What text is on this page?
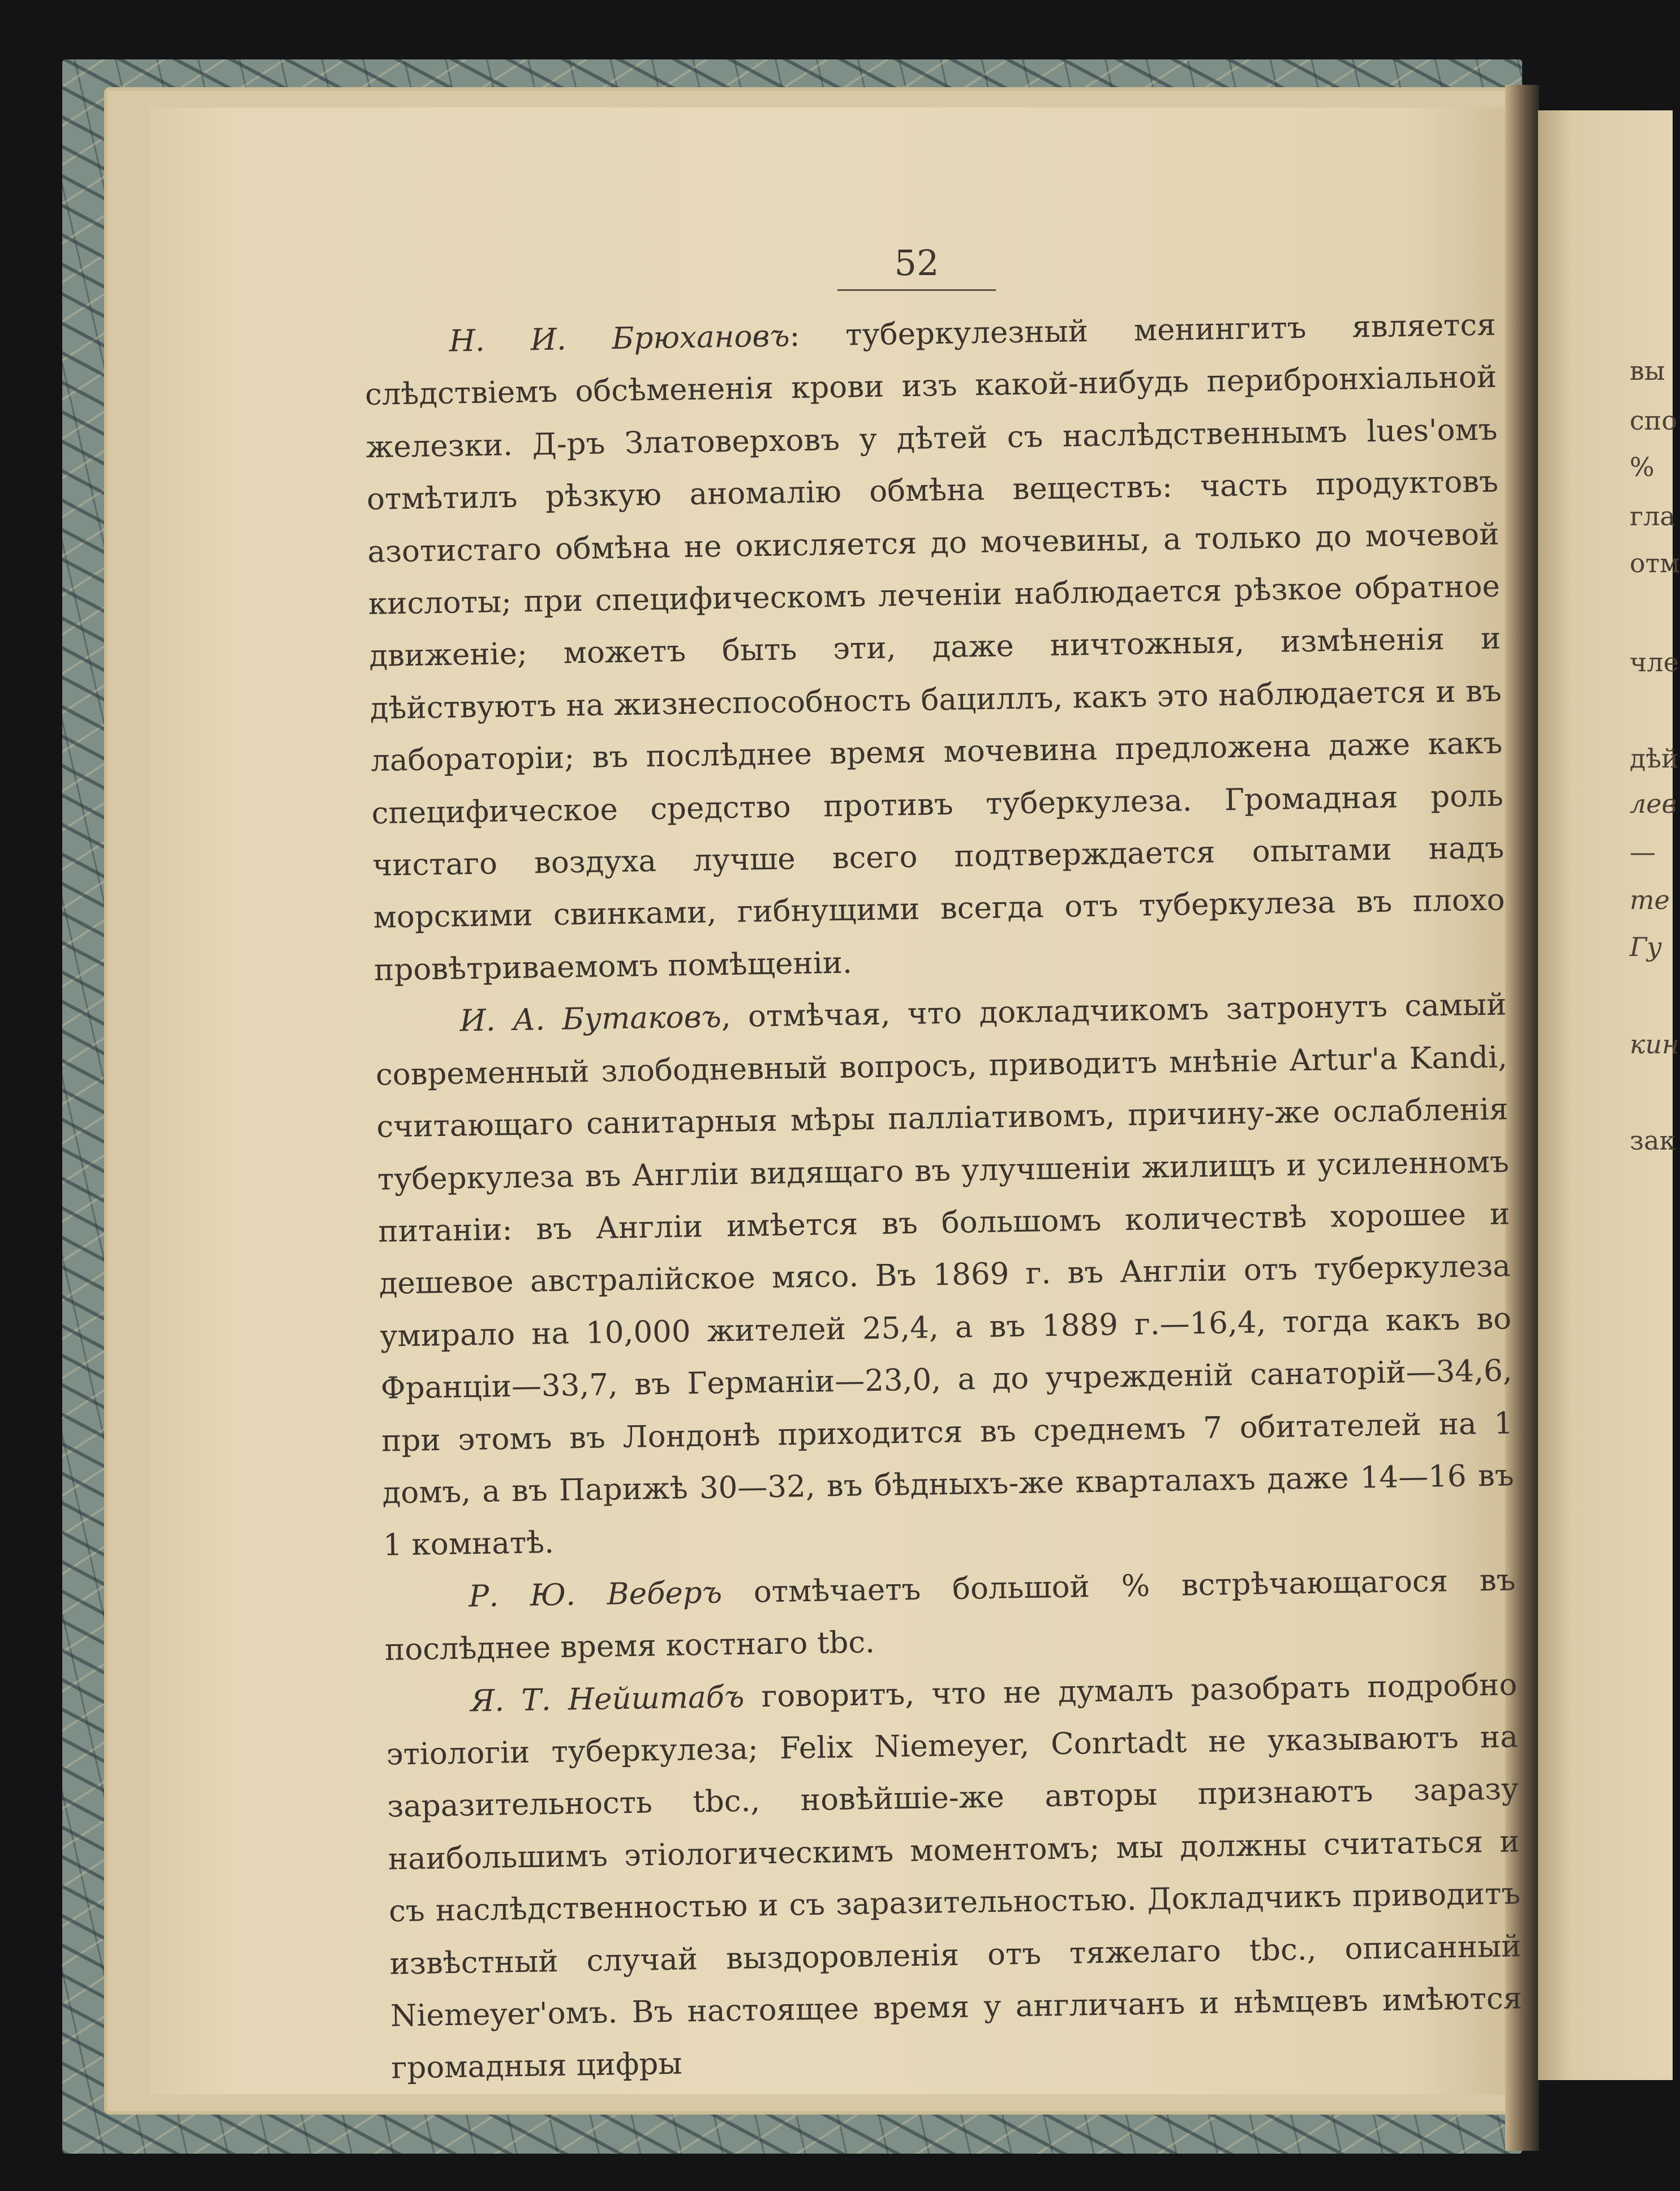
вы
спо
%
гла
отм
чле
дѣй
лев
—
те
Гу
кин
зак
52

Н. И. Брюхановъ: туберкулезный менингитъ является слѣдствіемъ обсѣмененія крови изъ какой-нибудь перибронхіальной железки. Д-ръ Златоверховъ у дѣтей съ наслѣдственнымъ lues'омъ отмѣтилъ рѣзкую аномалію обмѣна веществъ: часть продуктовъ азотистаго обмѣна не окисляется до мочевины, а только до мочевой кислоты; при специфическомъ леченіи наблюдается рѣзкое обратное движеніе; можетъ быть эти, даже ничтожныя, измѣненія и дѣйствуютъ на жизнеспособность бациллъ, какъ это наблюдается и въ лабораторіи; въ послѣднее время мочевина предложена даже какъ специфическое средство противъ туберкулеза. Громадная роль чистаго воздуха лучше всего подтверждается опытами надъ морскими свинками, гибнущими всегда отъ туберкулеза въ плохо провѣтриваемомъ помѣщеніи.

И. А. Бутаковъ, отмѣчая, что докладчикомъ затронутъ самый современный злободневный вопросъ, приводитъ мнѣніе Artur'a Kandi, считающаго санитарныя мѣры паллiативомъ, причину-же ослабленія туберкулеза въ Англіи видящаго въ улучшеніи жилищъ и усиленномъ питаніи: въ Англіи имѣется въ большомъ количествѣ хорошее и дешевое австралійское мясо. Въ 1869 г. въ Англіи отъ туберкулеза умирало на 10,000 жителей 25,4, а въ 1889 г.—16,4, тогда какъ во Франціи—33,7, въ Германіи—23,0, а до учрежденій санаторій—34,6, при этомъ въ Лондонѣ приходится въ среднемъ 7 обитателей на 1 домъ, а въ Парижѣ 30—32, въ бѣдныхъ-же кварталахъ даже 14—16 въ 1 комнатѣ.

Р. Ю. Веберъ отмѣчаетъ большой % встрѣчающагося въ послѣднее время костнаго tbc.

Я. Т. Нейштабъ говоритъ, что не думалъ разобрать подробно этіологіи туберкулеза; Felix Niemeyer, Conrtadt не указываютъ на заразительность tbc., новѣйшіе-же авторы признаютъ заразу наибольшимъ этіологическимъ моментомъ; мы должны считаться и съ наслѣдственностью и съ заразительностью. Докладчикъ приводитъ извѣстный случай выздоровленія отъ тяжелаго tbc., описанный Niemeyer'омъ. Въ настоящее время у англичанъ и нѣмцевъ имѣются громадныя цифры
